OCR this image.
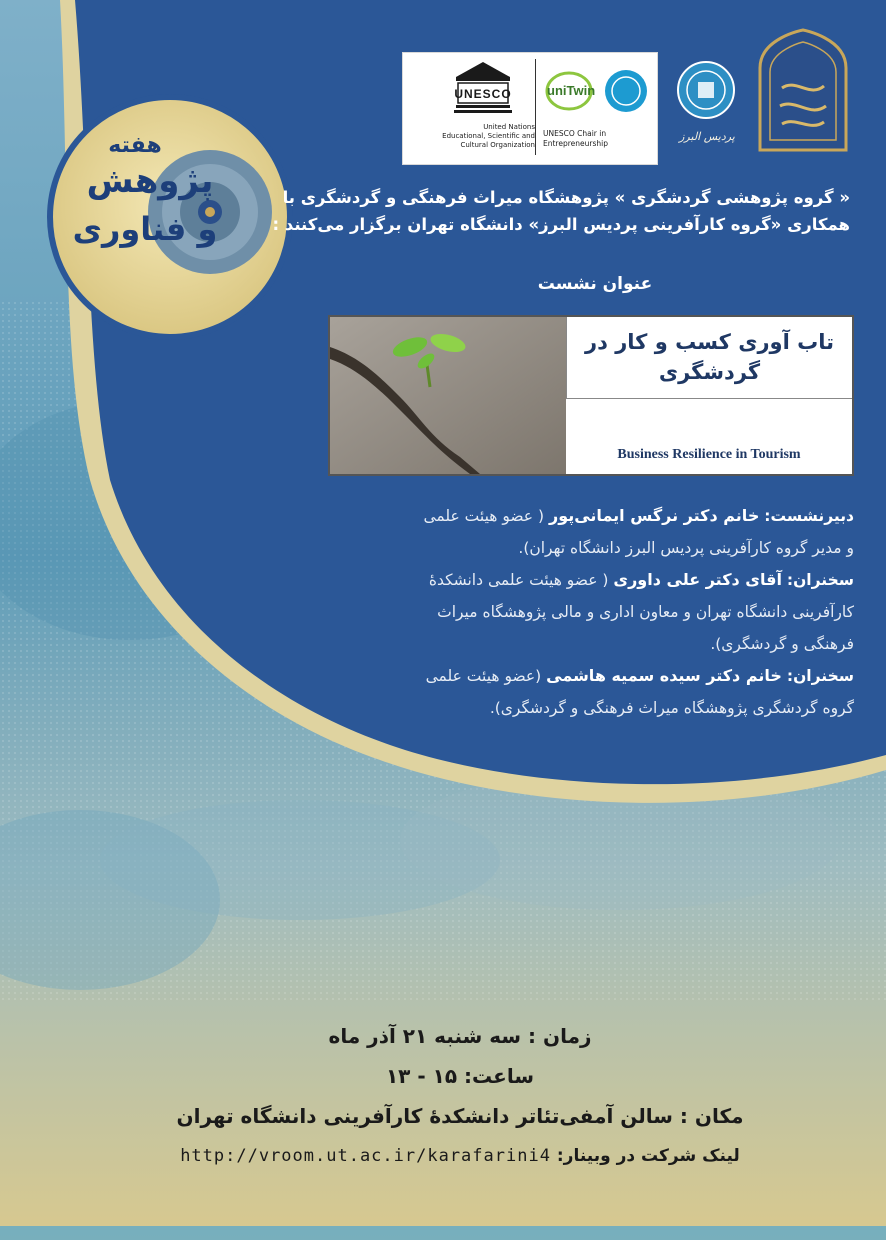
UNESCO
United Nations
Educational, Scientific and
Cultural Organization
uniTwin
UNESCO Chair in
Entrepreneurship
پردیس البرز
هفته
پژوهش
و فناوری
« گروه پژوهشی گردشگری » پژوهشگاه میراث فرهنگی و گردشگری با
همکاری «گروه کارآفرینی پردیس البرز» دانشگاه تهران برگزار می‌کنند :
عنوان نشست
تاب آوری کسب و کار در
گردشگری
Business Resilience in Tourism
دبیرنشست: خانم دکتر نرگس ایمانی‌پور ( عضو هیئت علمی
و مدیر گروه کارآفرینی پردیس البرز دانشگاه تهران).
سخنران: آقای دکتر علی داوری ( عضو هیئت علمی دانشکدهٔ
کارآفرینی دانشگاه تهران و معاون اداری و مالی پژوهشگاه میراث
فرهنگی و گردشگری).
سخنران: خانم دکتر سیده سمیه هاشمی (عضو هیئت علمی
گروه گردشگری پژوهشگاه میراث فرهنگی و گردشگری).
زمان : سه شنبه ۲۱ آذر ماه
ساعت: ۱۵ - ۱۳
مکان : سالن آمفی‌تئاتر دانشکدهٔ کارآفرینی دانشگاه تهران
لینک شرکت در وبینار: http://vroom.ut.ac.ir/karafarini4
